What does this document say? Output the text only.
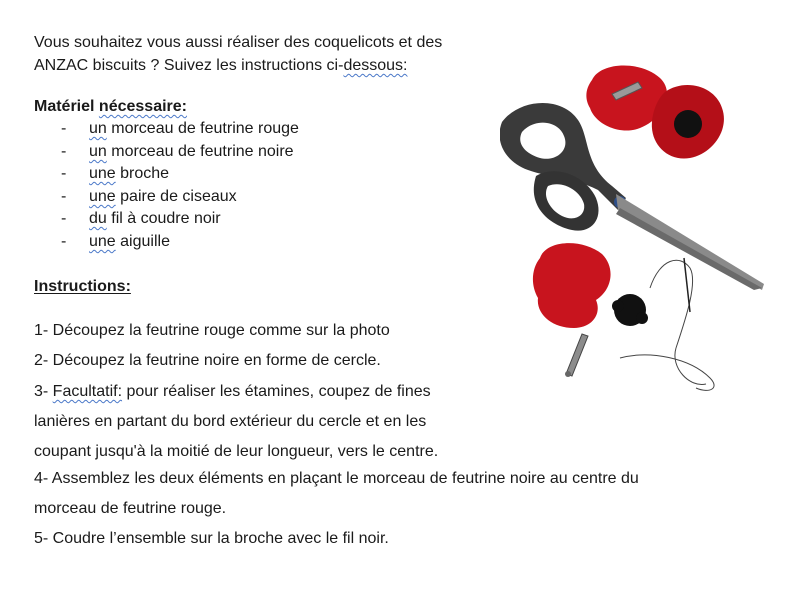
Vous souhaitez vous aussi réaliser des coquelicots et des
ANZAC biscuits ? Suivez les instructions ci-dessous:
Matériel nécessaire:
- un morceau de feutrine rouge
- un morceau de feutrine noire
- une broche
- une paire de ciseaux
- du fil à coudre noir
- une aiguille
Instructions:
1- Découpez la feutrine rouge comme sur la photo
2- Découpez la feutrine noire en forme de cercle.
3- Facultatif: pour réaliser les étamines, coupez de fines
lanières en partant du bord extérieur du cercle et en les
coupant jusqu'à la moitié de leur longueur, vers le centre.
4- Assemblez les deux éléments en plaçant le morceau de feutrine noire au centre du
morceau de feutrine rouge.
5- Coudre l’ensemble sur la broche avec le fil noir.
